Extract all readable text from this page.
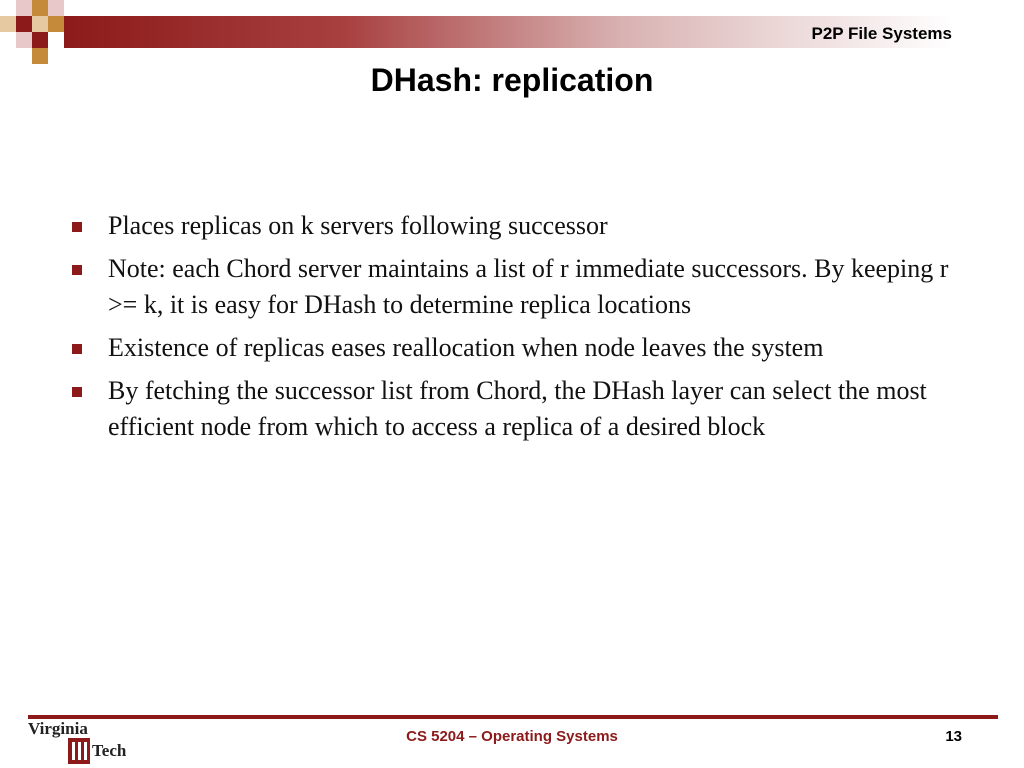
P2P File Systems
DHash: replication
Places replicas on k servers following successor
Note: each Chord server maintains a list of r immediate successors. By keeping r >= k, it is easy for DHash to determine replica locations
Existence of replicas eases reallocation when node leaves the system
By fetching the successor list from Chord, the DHash layer can select the most efficient node from which to access a replica of a desired block
Virginia
Tech
CS 5204 – Operating Systems	13
